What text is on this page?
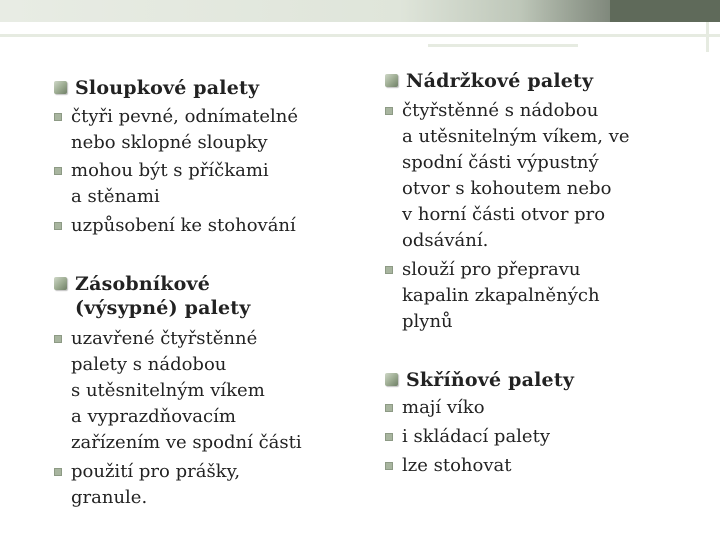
Sloupkové palety
čtyři pevné, odnímatelné
nebo sklopné sloupky
mohou být s příčkami
a stěnami
uzpůsobení ke stohování
Zásobníkové
(výsypné) palety
uzavřené čtyřstěnné
palety s nádobou
s utěsnitelným víkem
a vyprazdňovacím
zařízením ve spodní části
použití pro prášky,
granule.
Nádržkové palety
čtyřstěnné s nádobou
a utěsnitelným víkem, ve
spodní části výpustný
otvor s kohoutem nebo
v horní části otvor pro
odsávání.
slouží pro přepravu
kapalin zkapalněných
plynů
Skříňové palety
mají víko
i skládací palety
lze stohovat
